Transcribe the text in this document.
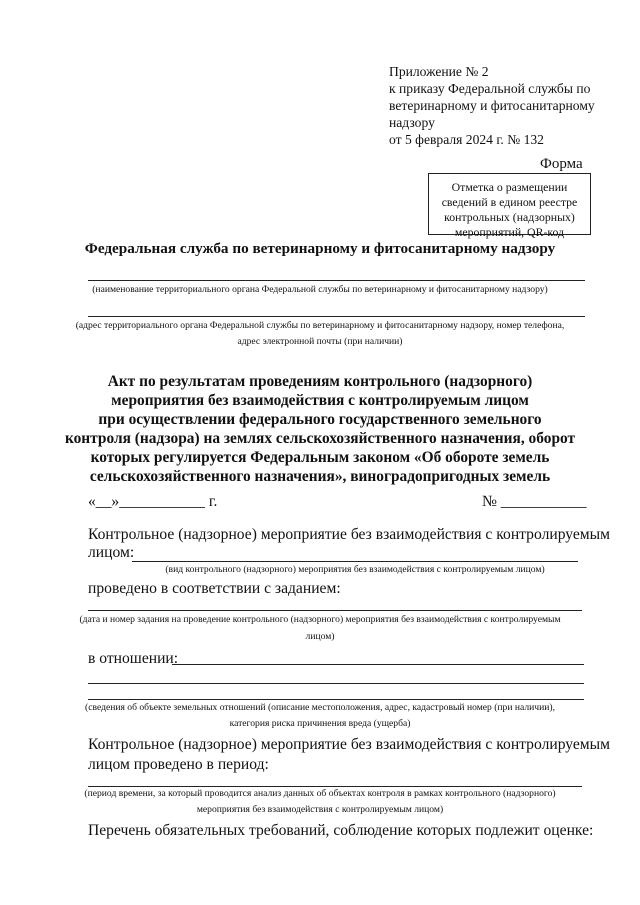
Приложение № 2
к приказу Федеральной службы по
ветеринарному и фитосанитарному
надзору
от 5 февраля 2024 г. № 132
Форма
Отметка о размещении
сведений в едином реестре
контрольных (надзорных)
мероприятий, QR-код
Федеральная служба по ветеринарному и фитосанитарному надзору
(наименование территориального органа Федеральной службы по ветеринарному и фитосанитарному надзору)
(адрес территориального органа Федеральной службы по ветеринарному и фитосанитарному надзору, номер телефона,
адрес электронной почты (при наличии)
Акт по результатам проведениям контрольного (надзорного)
мероприятия без взаимодействия с контролируемым лицом
при осуществлении федерального государственного земельного
контроля (надзора) на землях сельскохозяйственного назначения, оборот
которых регулируется Федеральным законом «Об обороте земель
сельскохозяйственного назначения», виноградопригодных земель
«__»___________ г.	№ ___________
Контрольное (надзорное) мероприятие без взаимодействия с контролируемым
лицом:
(вид контрольного (надзорного) мероприятия без взаимодействия с контролируемым лицом)
проведено в соответствии с заданием:
(дата и номер задания на проведение контрольного (надзорного) мероприятия без взаимодействия с контролируемым
лицом)
в отношении:
(сведения об объекте земельных отношений (описание местоположения, адрес, кадастровый номер (при наличии),
категория риска причинения вреда (ущерба)
Контрольное (надзорное) мероприятие без взаимодействия с контролируемым
лицом проведено в период:
(период времени, за который проводится анализ данных об объектах контроля в рамках контрольного (надзорного)
мероприятия без взаимодействия с контролируемым лицом)
Перечень обязательных требований, соблюдение которых подлежит оценке:
